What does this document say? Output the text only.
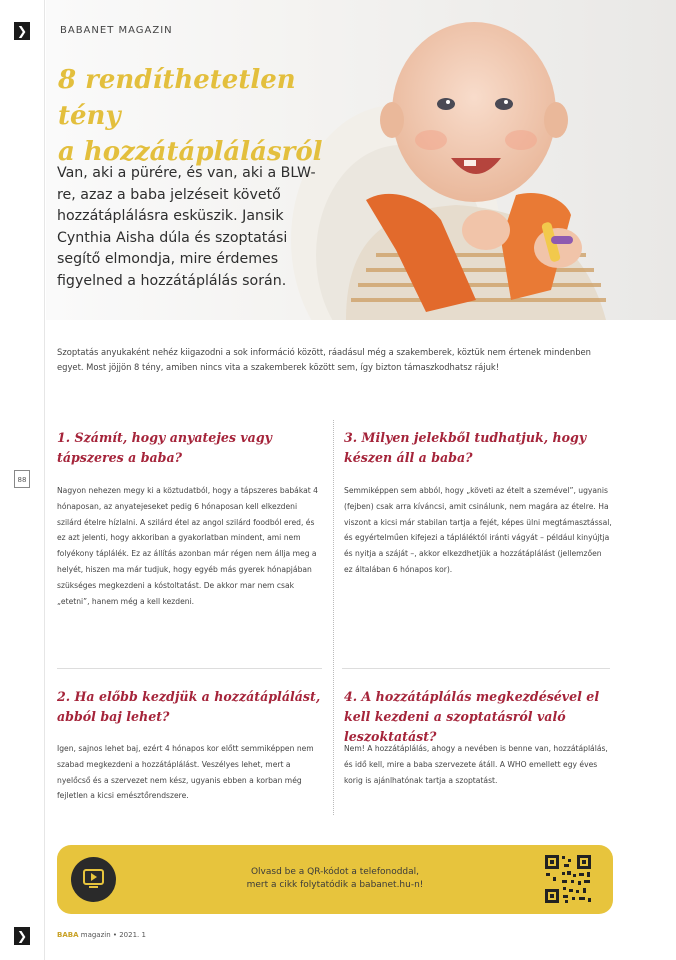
❯
88
❯
BABANET MAGAZIN
8 rendíthetetlen tény
a hozzátáplálásról

Van, aki a pürére, és van, aki a BLW-re, azaz a baba jelzéseit követő hozzátáplálásra esküszik. Jansik Cynthia Aisha dúla és szoptatási segítő elmondja, mire érdemes figyelned a hozzátáplálás során.

Szoptatás anyukaként nehéz kiigazodni a sok információ között, ráadásul még a szakemberek, köztük nem értenek mindenben egyet. Most jöjjön 8 tény, amiben nincs vita a szakemberek között sem, így bizton támaszkodhatsz rájuk!

1. Számít, hogy anyatejes vagy tápszeres a baba?

Nagyon nehezen megy ki a köztudatból, hogy a tápszeres babákat 4 hónaposan, az anyatejeseket pedig 6 hónaposan kell elkezdeni szilárd ételre hízlalni. A szilárd étel az angol szilárd foodból ered, és ez azt jelenti, hogy akkoriban a gyakorlatban mindent, ami nem folyékony táplálék. Ez az állítás azonban már régen nem állja meg a helyét, hiszen ma már tudjuk, hogy egyéb más gyerek hónapjában szükséges megkezdeni a kóstoltatást. De akkor mar nem csak „etetni”, hanem még a kell kezdeni.

3. Milyen jelekből tudhatjuk, hogy készen áll a baba?

Semmiképpen sem abból, hogy „követi az ételt a szemével”, ugyanis (fejben) csak arra kíváncsi, amit csinálunk, nem magára az ételre. Ha viszont a kicsi már stabilan tartja a fejét, képes ülni megtámasztással, és egyértelműen kifejezi a tápláléktól iránti vágyát – például kinyújtja és nyitja a száját –, akkor elkezdhetjük a hozzátáplálást (jellemzően ez általában 6 hónapos kor).

2. Ha előbb kezdjük a hozzátáplálást, abból baj lehet?

Igen, sajnos lehet baj, ezért 4 hónapos kor előtt semmiképpen nem szabad megkezdeni a hozzátáplálást. Veszélyes lehet, mert a nyelőcső és a szervezet nem kész, ugyanis ebben a korban még fejletlen a kicsi emésztőrendszere.

4. A hozzátáplálás megkezdésével el kell kezdeni a szoptatásról való leszoktatást?

Nem! A hozzátáplálás, ahogy a nevében is benne van, hozzátáplálás, és idő kell, mire a baba szervezete átáll. A WHO emellett egy éves korig is ajánlhatónak tartja a szoptatást.

Olvasd be a QR-kódot a telefonoddal,
mert a cikk folytatódik a babanet.hu-n!
BABA magazin • 2021. 1
